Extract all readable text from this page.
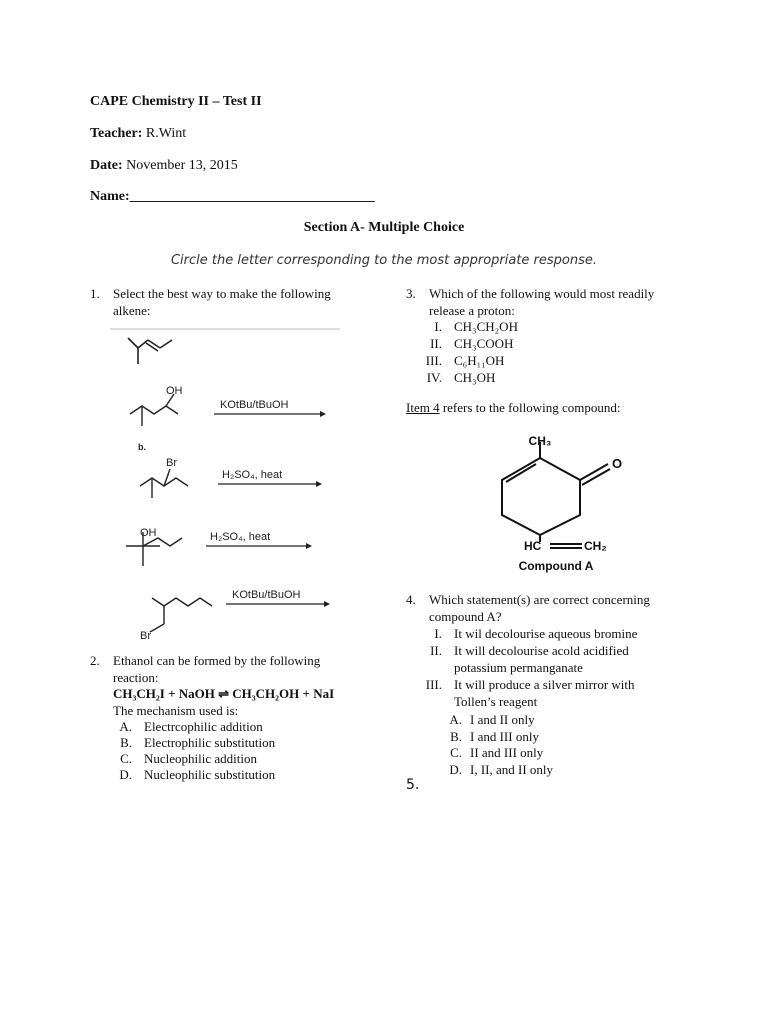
CAPE Chemistry II – Test II
Teacher: R.Wint
Date: November 13, 2015
Name:___________________________________
Section A- Multiple Choice
Circle the letter corresponding to the most appropriate response.
1. Select the best way to make the following
alkene:
OH
KOtBu/tBuOH
b.
Br
H₂SO₄, heat
OH	H₂SO₄, heat
Br
KOtBu/tBuOH
2. Ethanol can be formed by the following
reaction:
CH₃CH₂I + NaOH ⇌ CH₃CH₂OH + NaI
The mechanism used is:
A. Electrcophilic addition
B. Electrophilic substitution
C. Nucleophilic addition
D. Nucleophilic substitution
3. Which of the following would most readily
release a proton:
I. CH₃CH₂OH
II. CH₃COOH
III. C₆H₁₁OH
IV. CH₃OH
Item 4 refers to the following compound:
CH₃
O
HC	CH₂
Compound A
4. Which statement(s) are correct concerning
compound A?
I. It wil decolourise aqueous bromine
II. It will decolourise acold acidified
potassium permanganate
III. It will produce a silver mirror with
Tollen’s reagent
A. I and II only
B. I and III only
C. II and III only
D. I, II, and II only
5.
